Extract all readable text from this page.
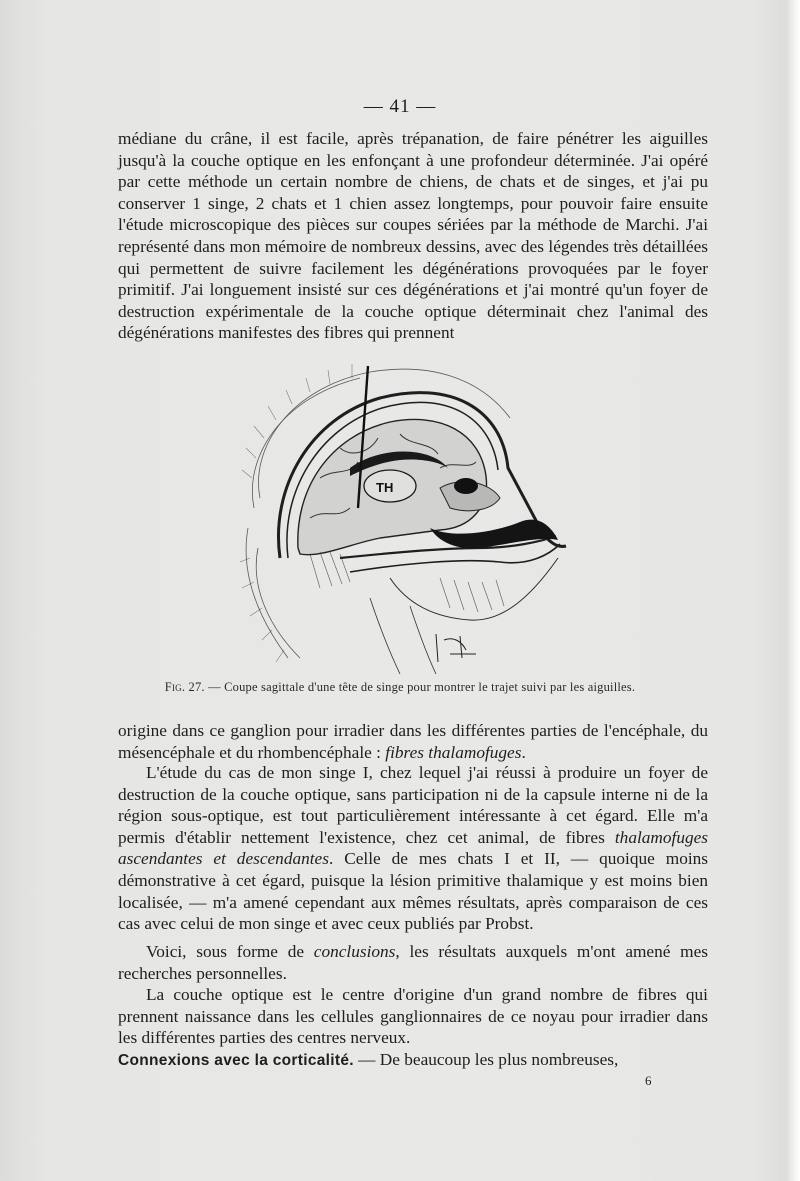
— 41 —

médiane du crâne, il est facile, après trépanation, de faire pénétrer les aiguilles jusqu'à la couche optique en les enfonçant à une profondeur déterminée. J'ai opéré par cette méthode un certain nombre de chiens, de chats et de singes, et j'ai pu conserver 1 singe, 2 chats et 1 chien assez longtemps, pour pouvoir faire ensuite l'étude microscopique des pièces sur coupes sériées par la méthode de Marchi. J'ai représenté dans mon mémoire de nombreux dessins, avec des légendes très détaillées qui permettent de suivre facilement les dégénérations provoquées par le foyer primitif. J'ai longuement insisté sur ces dégénérations et j'ai montré qu'un foyer de destruction expérimentale de la couche optique déterminait chez l'animal des dégénérations manifestes des fibres qui prennent

TH
Fig. 27. — Coupe sagittale d'une tête de singe pour montrer le trajet suivi par les aiguilles.

origine dans ce ganglion pour irradier dans les différentes parties de l'encéphale, du mésencéphale et du rhombencéphale : fibres thalamofuges.

L'étude du cas de mon singe I, chez lequel j'ai réussi à produire un foyer de destruction de la couche optique, sans participation ni de la capsule interne ni de la région sous-optique, est tout particulièrement intéressante à cet égard. Elle m'a permis d'établir nettement l'existence, chez cet animal, de fibres thalamofuges ascendantes et descendantes. Celle de mes chats I et II, — quoique moins démonstrative à cet égard, puisque la lésion primitive thalamique y est moins bien localisée, — m'a amené cependant aux mêmes résultats, après comparaison de ces cas avec celui de mon singe et avec ceux publiés par Probst.

Voici, sous forme de conclusions, les résultats auxquels m'ont amené mes recherches personnelles.

La couche optique est le centre d'origine d'un grand nombre de fibres qui prennent naissance dans les cellules ganglionnaires de ce noyau pour irradier dans les différentes parties des centres nerveux.

Connexions avec la corticalité. — De beaucoup les plus nombreuses,

6
